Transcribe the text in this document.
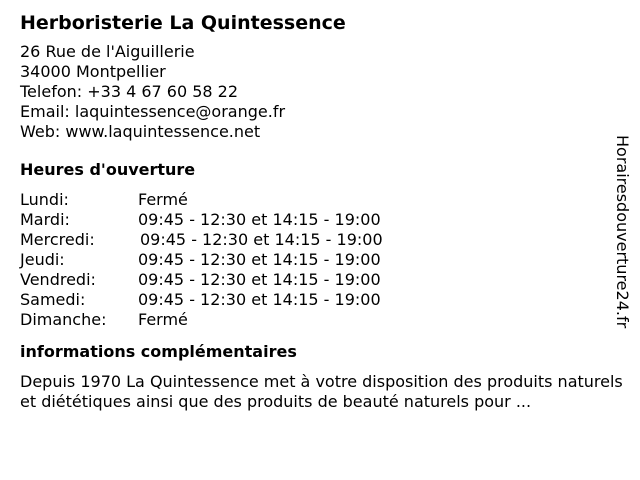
Herboristerie La Quintessence
26 Rue de l'Aiguillerie
34000 Montpellier
Telefon: +33 4 67 60 58 22
Email: laquintessence@orange.fr
Web: www.laquintessence.net
Heures d'ouverture
Lundi:	Fermé
Mardi:	09:45 - 12:30 et 14:15 - 19:00
Mercredi:	09:45 - 12:30 et 14:15 - 19:00
Jeudi:	09:45 - 12:30 et 14:15 - 19:00
Vendredi:	09:45 - 12:30 et 14:15 - 19:00
Samedi:	09:45 - 12:30 et 14:15 - 19:00
Dimanche: Fermé
informations complémentaires

Depuis 1970 La Quintessence met à votre disposition des produits naturels et diététiques ainsi que des produits de beauté naturels pour ...

Horairesdouverture24.fr
